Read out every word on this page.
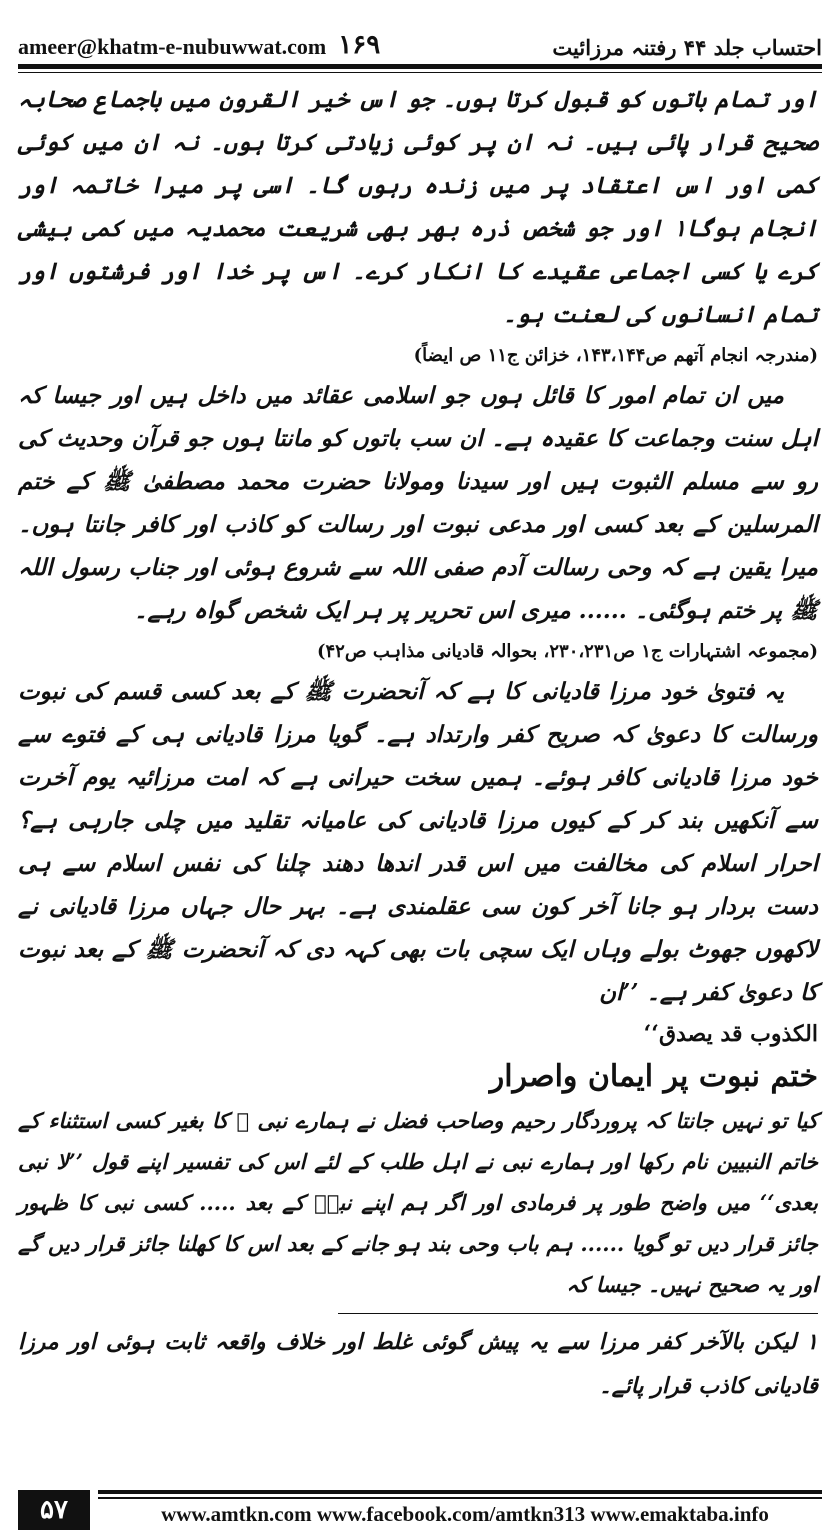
ameer@khatm-e-nubuwwat.com ۱۶۹	احتساب جلد ۴۴ رفتنہ مرزائیت

اور تمام باتوں کو قبول کرتا ہوں۔ جو اس خیر القرون میں باجماع صحابہ صحیح قرار پائی ہیں۔ نہ ان پر کوئی زیادتی کرتا ہوں۔ نہ ان میں کوئی کمی اور اس اعتقاد پر میں زندہ رہوں گا۔ اسی پر میرا خاتمہ اور انجام ہوگا۱ اور جو شخص ذرہ بھر بھی شریعت محمدیہ میں کمی بیشی کرے یا کسی اجماعی عقیدے کا انکار کرے۔ اس پر خدا اور فرشتوں اور تمام انسانوں کی لعنت ہو۔

(مندرجہ انجام آتھم ص۱۴۳،۱۴۴، خزائن ج۱۱ ص ایضاً)

میں ان تمام امور کا قائل ہوں جو اسلامی عقائد میں داخل ہیں اور جیسا کہ اہل سنت وجماعت کا عقیدہ ہے۔ ان سب باتوں کو مانتا ہوں جو قرآن وحدیث کی رو سے مسلم الثبوت ہیں اور سیدنا ومولانا حضرت محمد مصطفیٰ ﷺ کے ختم المرسلین کے بعد کسی اور مدعی نبوت اور رسالت کو کاذب اور کافر جانتا ہوں۔ میرا یقین ہے کہ وحی رسالت آدم صفی اللہ سے شروع ہوئی اور جناب رسول اللہ ﷺ پر ختم ہوگئی۔ ...... میری اس تحریر پر ہر ایک شخص گواہ رہے۔

(مجموعہ اشتہارات ج۱ ص۲۳۰،۲۳۱، بحوالہ قادیانی مذاہب ص۴۲)

یہ فتویٰ خود مرزا قادیانی کا ہے کہ آنحضرت ﷺ کے بعد کسی قسم کی نبوت ورسالت کا دعویٰ کہ صریح کفر وارتداد ہے۔ گویا مرزا قادیانی ہی کے فتوے سے خود مرزا قادیانی کافر ہوئے۔ ہمیں سخت حیرانی ہے کہ امت مرزائیہ یوم آخرت سے آنکھیں بند کر کے کیوں مرزا قادیانی کی عامیانہ تقلید میں چلی جارہی ہے؟ احرار اسلام کی مخالفت میں اس قدر اندھا دھند چلنا کی نفس اسلام سے ہی دست بردار ہو جانا آخر کون سی عقلمندی ہے۔ بہر حال جہاں مرزا قادیانی نے لاکھوں جھوٹ بولے وہاں ایک سچی بات بھی کہہ دی کہ آنحضرت ﷺ کے بعد نبوت کا دعویٰ کفر ہے۔ ’’ان

الکذوب قد یصدق‘‘

ختم نبوت پر ایمان واصرار

کیا تو نہیں جانتا کہ پروردگار رحیم وصاحب فضل نے ہمارے نبی ﷺ کا بغیر کسی استثناء کے خاتم النبیین نام رکھا اور ہمارے نبی نے اہل طلب کے لئے اس کی تفسیر اپنے قول ’’لا نبی بعدی‘‘ میں واضح طور پر فرمادی اور اگر ہم اپنے نبیؐ کے بعد ..... کسی نبی کا ظہور جائز قرار دیں تو گویا ...... ہم باب وحی بند ہو جانے کے بعد اس کا کھلنا جائز قرار دیں گے اور یہ صحیح نہیں۔ جیسا کہ

۱ لیکن بالآخر کفر مرزا سے یہ پیش گوئی غلط اور خلاف واقعہ ثابت ہوئی اور مرزا قادیانی کاذب قرار پائے۔

۵۷	www.amtkn.com www.facebook.com/amtkn313 www.emaktaba.info
